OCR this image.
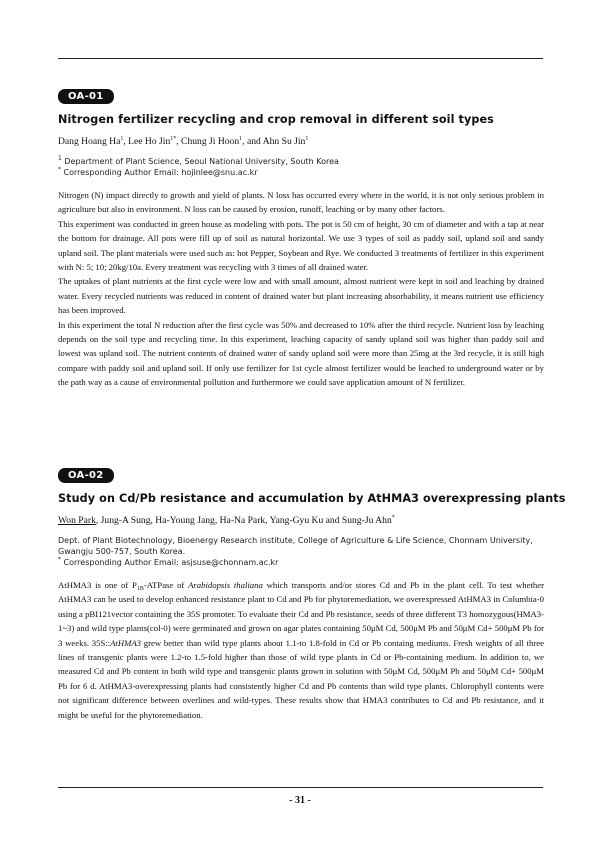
OA-01
Nitrogen fertilizer recycling and crop removal in different soil types
Dang Hoang Ha$^1$, Lee Ho Jin$^{1*}$, Chung Ji Hoon$^1$, and Ahn Su Jin$^1$
$^1$ Department of Plant Science, Seoul National University, South Korea
* Corresponding Author Email: hojinlee@snu.ac.kr

Nitrogen (N) impact directly to growth and yield of plants. N loss has occurred every where in the world, it is not only serious problem in agriculture but also in environment. N loss can be caused by erosion, runoff, leaching or by many other factors.

This experiment was conducted in green house as modeling with pots. The pot is 50 cm of height, 30 cm of diameter and with a tap at near the bottom for drainage. All pots were fill up of soil as natural horizontal. We use 3 types of soil as paddy soil, upland soil and sandy upland soil. The plant materials were used such as: hot Pepper, Soybean and Rye. We conducted 3 treatments of fertilizer in this experiment with N: 5; 10; 20kg/10a. Every treatment was recycling with 3 times of all drained water.

The uptakes of plant nutrients at the first cycle were low and with small amount, almost nutrient were kept in soil and leaching by drained water. Every recycled nutrients was reduced in content of drained water but plant increasing absorbability, it means nutrient use efficiency has been improved.

In this experiment the total N reduction after the first cycle was 50% and decreased to 10% after the third recycle. Nutrient loss by leaching depends on the soil type and recycling time. In this experiment, leaching capacity of sandy upland soil was higher than paddy soil and lowest was upland soil. The nutrient contents of drained water of sandy upland soil were more than 25mg at the 3rd recycle, it is still high compare with paddy soil and upland soil. If only use fertilizer for 1st cycle almost fertilizer would be leached to underground water or by the path way as a cause of environmental pollution and furthermore we could save application amount of N fertilizer.

OA-02
Study on Cd/Pb resistance and accumulation by AtHMA3 overexpressing plants
Won Park, Jung-A Sung, Ha-Young Jang, Ha-Na Park, Yang-Gyu Ku and Sung-Ju Ahn*
Dept. of Plant Biotechnology, Bioenergy Research institute, College of Agriculture & Life Science, Chonnam University, Gwangju 500-757, South Korea.
* Corresponding Author Email: asjsuse@chonnam.ac.kr

AtHMA3 is one of $P_{1B}$-ATPase of Arabidopsis thaliana which transports and/or stores Cd and Pb in the plant cell. To test whether AtHMA3 can be used to develop enhanced resistance plant to Cd and Pb for phytoremediation, we overexpressed AtHMA3 in Columbia-0 using a pBI121vector containing the 35S promoter. To evaluate their Cd and Pb resistance, seeds of three different T3 homozygous(HMA3-1~3) and wild type plants(col-0) were germinated and grown on agar plates containing 50μM Cd, 500μM Pb and 50μM Cd+ 500μM Pb for 3 weeks. 35S::AtHMA3 grew better than wild type plants about 1.1-to 1.8-fold in Cd or Pb containg mediums. Fresh weights of all three lines of transgenic plants were 1.2-to 1.5-fold higher than those of wild type plants in Cd or Pb-containing medium. In addition to, we measured Cd and Pb content in both wild type and transgenic plants grown in solution with 50μM Cd, 500μM Pb and 50μM Cd+ 500μM Pb for 6 d. AtHMA3-overexpressing plants had consistently higher Cd and Pb contents than wild type plants. Chlorophyll contents were not significant difference between overlines and wild-types. These results show that HMA3 contributes to Cd and Pb resistance, and it might be useful for the phytoremediation.

- 31 -
